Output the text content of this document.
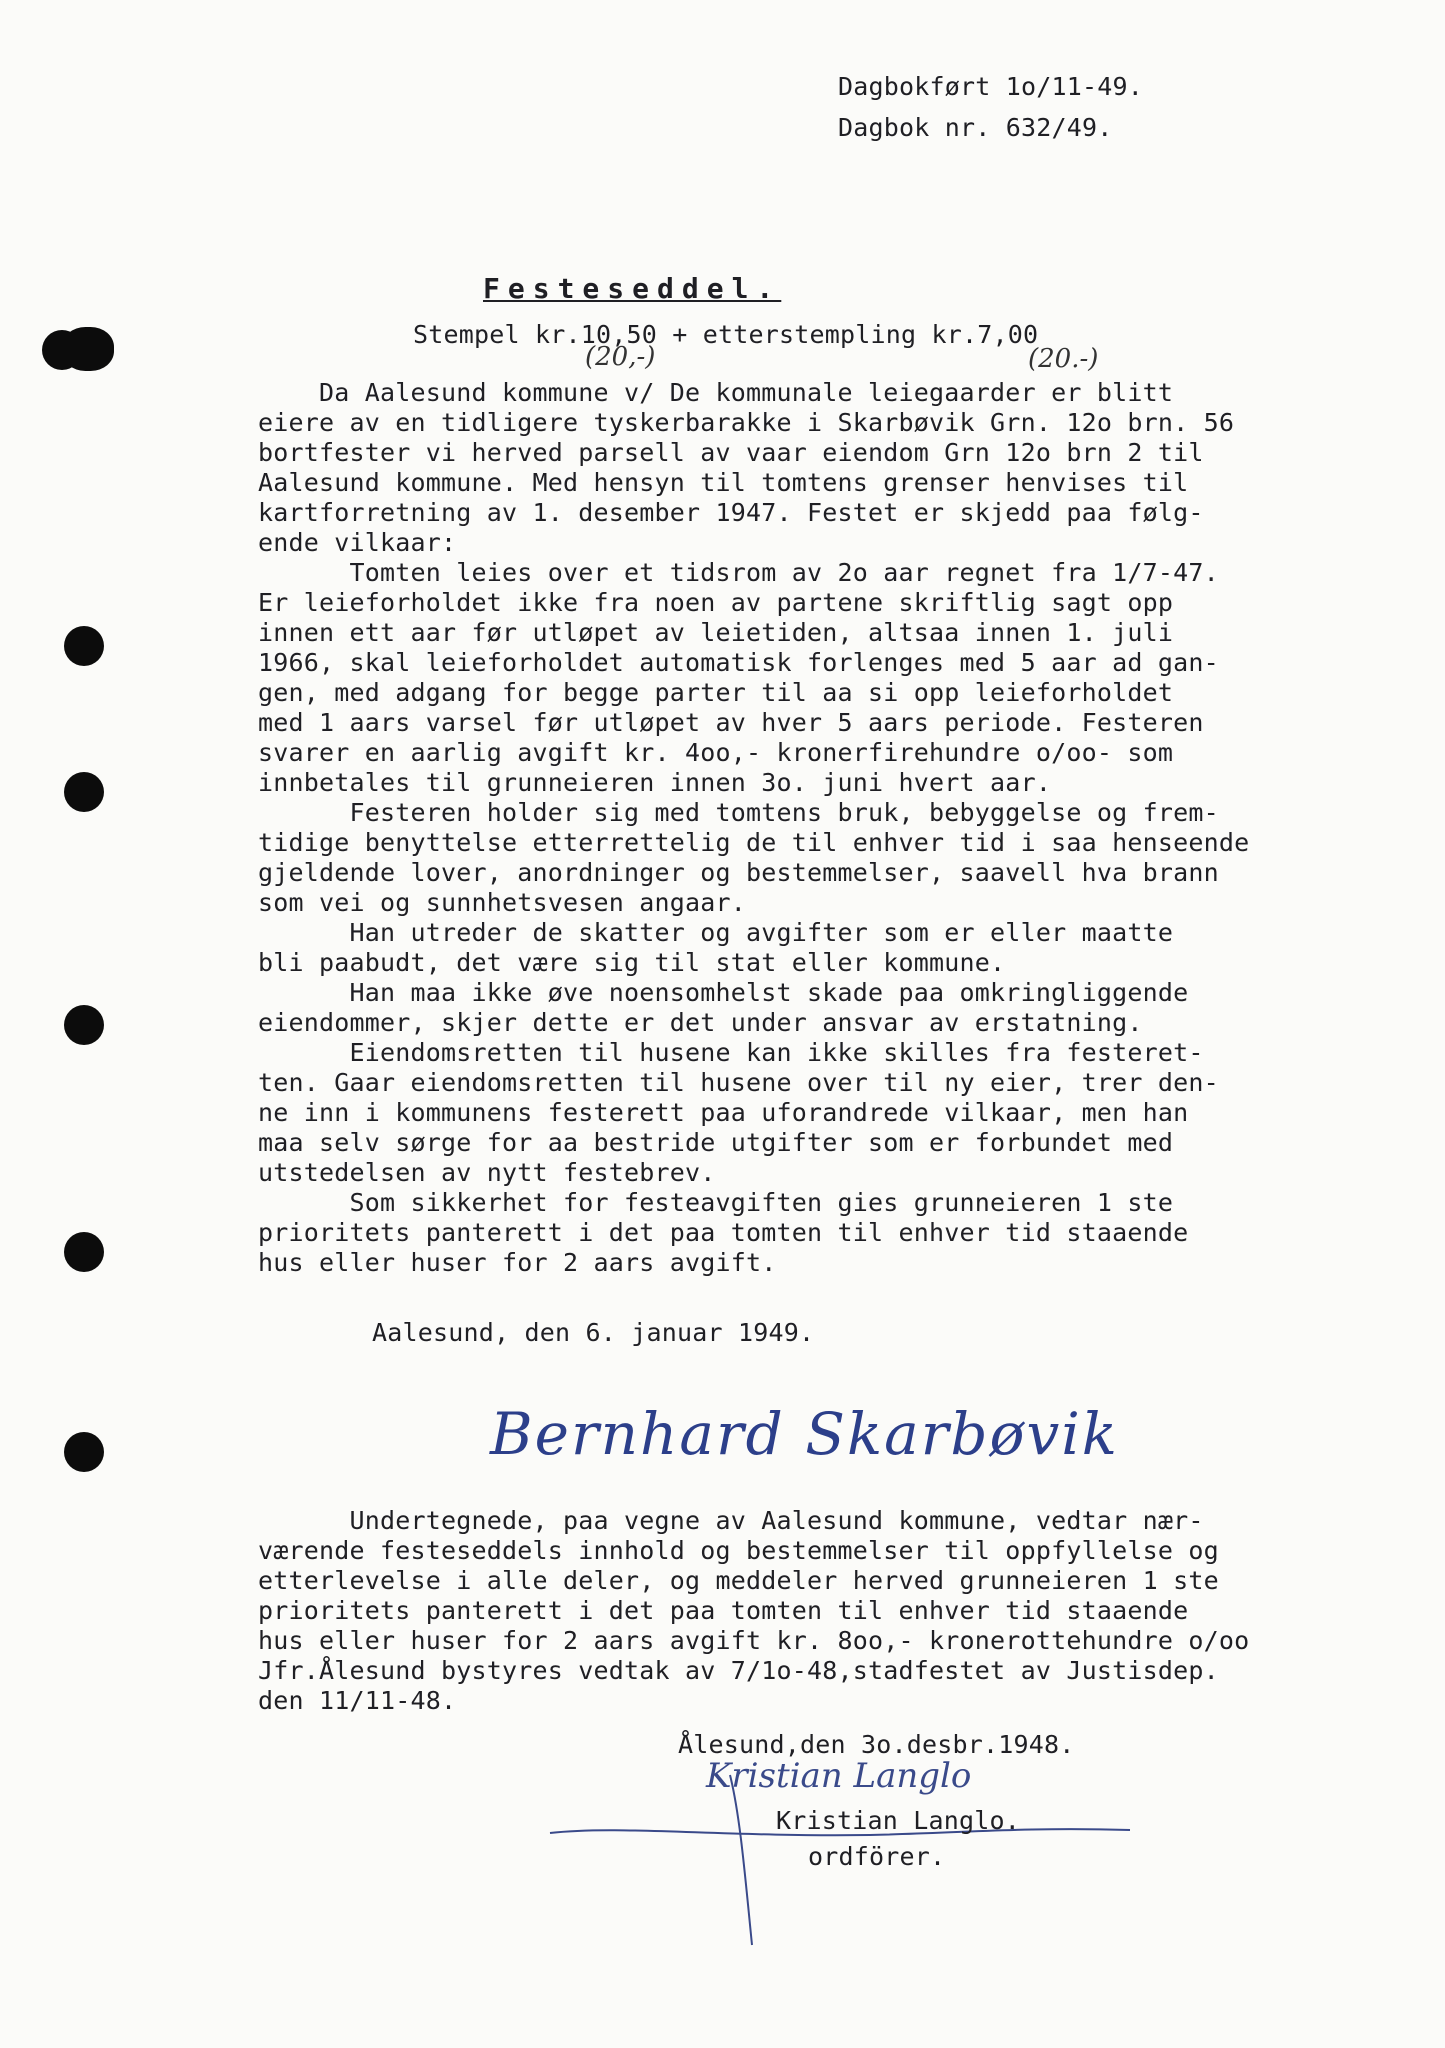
Dagbokført 1o/11-49.
Dagbok nr. 632/49.
Festeseddel.
Stempel kr.10,50 + etterstempling kr.7,00
(20,-)	(20.-)
Da Aalesund kommune v/ De kommunale leiegaarder er blitt
eiere av en tidligere tyskerbarakke i Skarbøvik Grn. 12o brn. 56
bortfester vi herved parsell av vaar eiendom Grn 12o brn 2 til
Aalesund kommune. Med hensyn til tomtens grenser henvises til
kartforretning av 1. desember 1947. Festet er skjedd paa følg-
ende vilkaar:
Tomten leies over et tidsrom av 2o aar regnet fra 1/7-47.
Er leieforholdet ikke fra noen av partene skriftlig sagt opp
innen ett aar før utløpet av leietiden, altsaa innen 1. juli
1966, skal leieforholdet automatisk forlenges med 5 aar ad gan-
gen, med adgang for begge parter til aa si opp leieforholdet
med 1 aars varsel før utløpet av hver 5 aars periode. Festeren
svarer en aarlig avgift kr. 4oo,- kronerfirehundre o/oo- som
innbetales til grunneieren innen 3o. juni hvert aar.
Festeren holder sig med tomtens bruk, bebyggelse og frem-
tidige benyttelse etterrettelig de til enhver tid i saa henseende
gjeldende lover, anordninger og bestemmelser, saavell hva brann
som vei og sunnhetsvesen angaar.
Han utreder de skatter og avgifter som er eller maatte
bli paabudt, det være sig til stat eller kommune.
Han maa ikke øve noensomhelst skade paa omkringliggende
eiendommer, skjer dette er det under ansvar av erstatning.
Eiendomsretten til husene kan ikke skilles fra festeret-
ten. Gaar eiendomsretten til husene over til ny eier, trer den-
ne inn i kommunens festerett paa uforandrede vilkaar, men han
maa selv sørge for aa bestride utgifter som er forbundet med
utstedelsen av nytt festebrev.
Som sikkerhet for festeavgiften gies grunneieren 1 ste
prioritets panterett i det paa tomten til enhver tid staaende
hus eller huser for 2 aars avgift.
Aalesund, den 6. januar 1949.
Bernhard Skarbøvik
Undertegnede, paa vegne av Aalesund kommune, vedtar nær-
værende festeseddels innhold og bestemmelser til oppfyllelse og
etterlevelse i alle deler, og meddeler herved grunneieren 1 ste
prioritets panterett i det paa tomten til enhver tid staaende
hus eller huser for 2 aars avgift kr. 8oo,- kronerottehundre o/oo
Jfr.Ålesund bystyres vedtak av 7/1o-48,stadfestet av Justisdep.
den 11/11-48.
Ålesund,den 3o.desbr.1948.
Kristian Langlo
Kristian Langlo.
ordförer.
